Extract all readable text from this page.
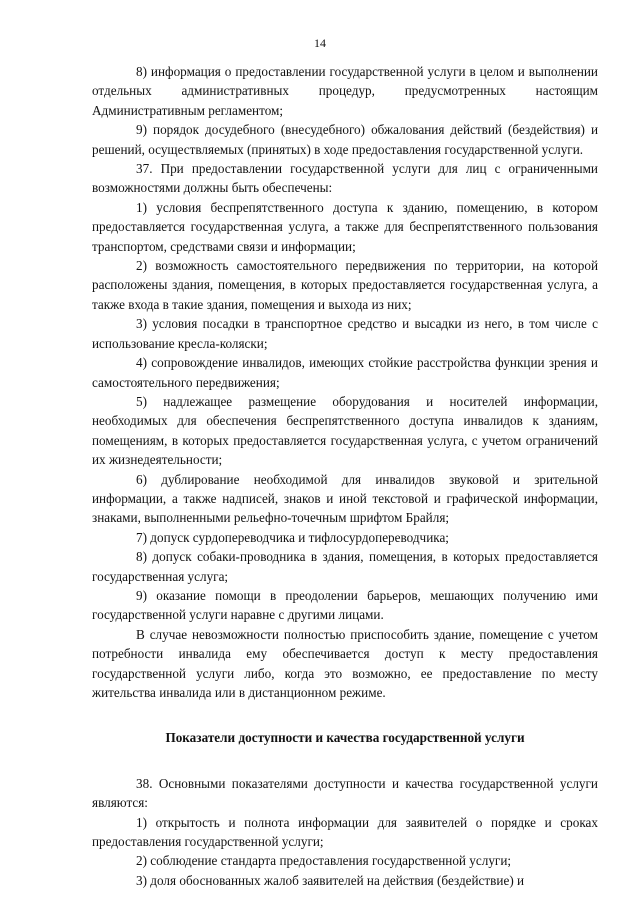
14

8) информация о предоставлении государственной услуги в целом и выполнении отдельных административных процедур, предусмотренных настоящим Административным регламентом;

9) порядок досудебного (внесудебного) обжалования действий (бездействия) и решений, осуществляемых (принятых) в ходе предоставления государственной услуги.

37. При предоставлении государственной услуги для лиц с ограниченными возможностями должны быть обеспечены:

1) условия беспрепятственного доступа к зданию, помещению, в котором предоставляется государственная услуга, а также для беспрепятственного пользования транспортом, средствами связи и информации;

2) возможность самостоятельного передвижения по территории, на которой расположены здания, помещения, в которых предоставляется государственная услуга, а также входа в такие здания, помещения и выхода из них;

3) условия посадки в транспортное средство и высадки из него, в том числе с использование кресла-коляски;

4) сопровождение инвалидов, имеющих стойкие расстройства функции зрения и самостоятельного передвижения;

5) надлежащее размещение оборудования и носителей информации, необходимых для обеспечения беспрепятственного доступа инвалидов к зданиям, помещениям, в которых предоставляется государственная услуга, с учетом ограничений их жизнедеятельности;

6) дублирование необходимой для инвалидов звуковой и зрительной информации, а также надписей, знаков и иной текстовой и графической информации, знаками, выполненными рельефно-точечным шрифтом Брайля;

7) допуск сурдопереводчика и тифлосурдопереводчика;

8) допуск собаки-проводника в здания, помещения, в которых предоставляется государственная услуга;

9) оказание помощи в преодолении барьеров, мешающих получению ими государственной услуги наравне с другими лицами.

В случае невозможности полностью приспособить здание, помещение с учетом потребности инвалида ему обеспечивается доступ к месту предоставления государственной услуги либо, когда это возможно, ее предоставление по месту жительства инвалида или в дистанционном режиме.

Показатели доступности и качества государственной услуги

38. Основными показателями доступности и качества государственной услуги являются:

1) открытость и полнота информации для заявителей о порядке и сроках предоставления государственной услуги;

2) соблюдение стандарта предоставления государственной услуги;

3) доля обоснованных жалоб заявителей на действия (бездействие) и
